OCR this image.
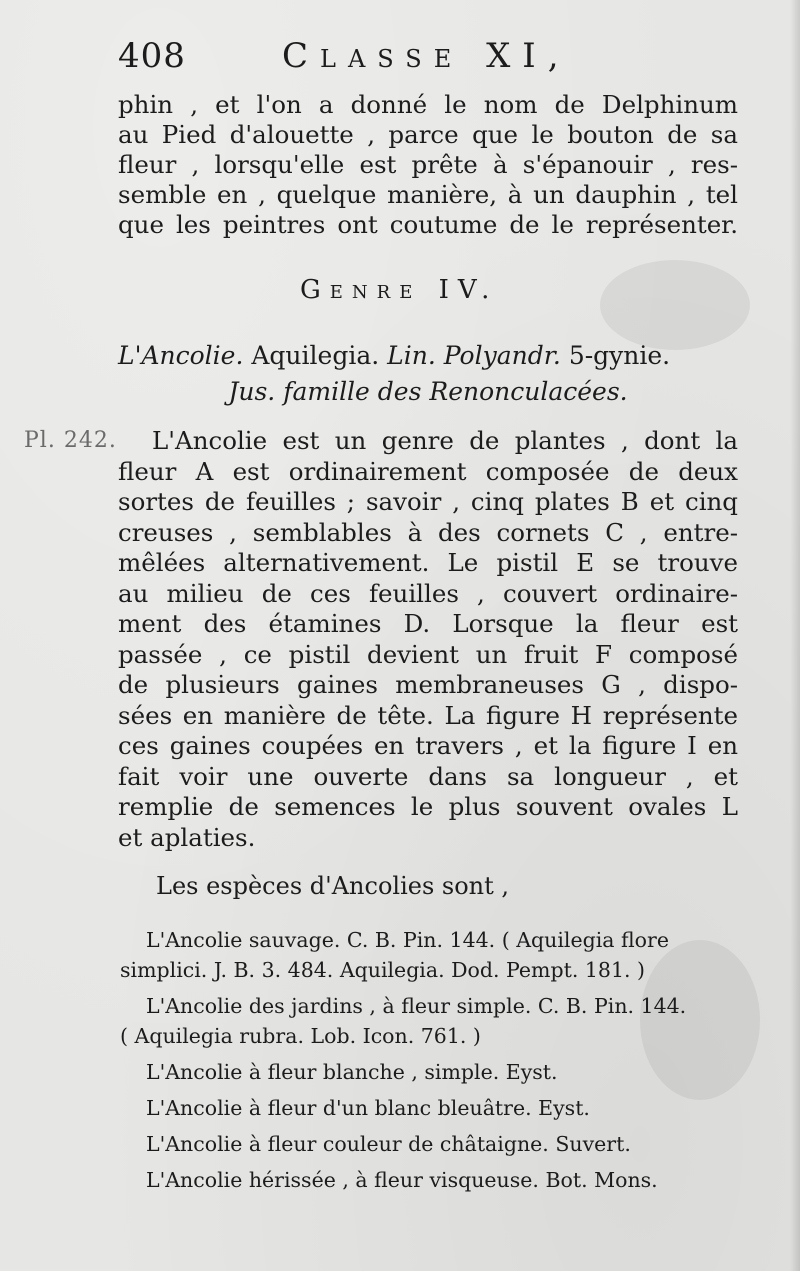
408	Classe XI,
phin , et l'on a donné le nom de Delphinum
au Pied d'alouette , parce que le bouton de sa
fleur , lorsqu'elle est prête à s'épanouir , res-
semble en , quelque manière, à un dauphin , tel
que les peintres ont coutume de le représenter.
Genre IV.
L'Ancolie. Aquilegia. Lin. Polyandr. 5-gynie.
Jus. famille des Renonculacées.
Pl. 242.	L'Ancolie est un genre de plantes , dont la
fleur A est ordinairement composée de deux
sortes de feuilles ; savoir , cinq plates B et cinq
creuses , semblables à des cornets C , entre-
mêlées alternativement. Le pistil E se trouve
au milieu de ces feuilles , couvert ordinaire-
ment des étamines D. Lorsque la fleur est
passée , ce pistil devient un fruit F composé
de plusieurs gaines membraneuses G , dispo-
sées en manière de tête. La figure H représente
ces gaines coupées en travers , et la figure I en
fait voir une ouverte dans sa longueur , et
remplie de semences le plus souvent ovales L
et aplaties.
Les espèces d'Ancolies sont ,
L'Ancolie sauvage. C. B. Pin. 144. ( Aquilegia flore
simplici. J. B. 3. 484. Aquilegia. Dod. Pempt. 181. )
L'Ancolie des jardins , à fleur simple. C. B. Pin. 144.
( Aquilegia rubra. Lob. Icon. 761. )
L'Ancolie à fleur blanche , simple. Eyst.
L'Ancolie à fleur d'un blanc bleuâtre. Eyst.
L'Ancolie à fleur couleur de châtaigne. Suvert.
L'Ancolie hérissée , à fleur visqueuse. Bot. Mons.
